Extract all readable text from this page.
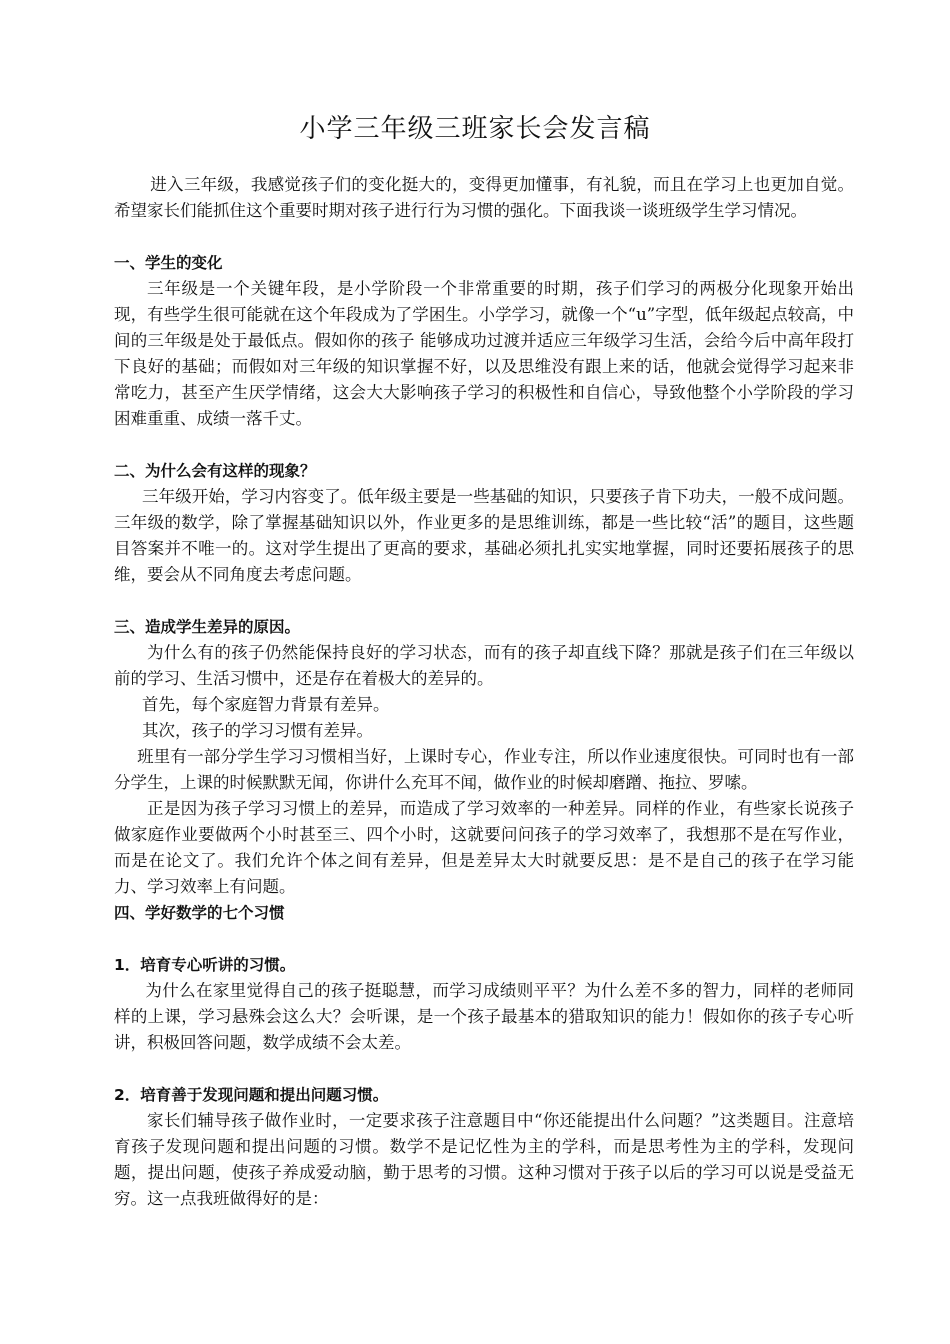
小学三年级三班家长会发言稿

进入三年级，我感觉孩子们的变化挺大的，变得更加懂事，有礼貌，而且在学习上也更加自觉。希望家长们能抓住这个重要时期对孩子进行行为习惯的强化。下面我谈一谈班级学生学习情况。

一、学生的变化

三年级是一个关键年段，是小学阶段一个非常重要的时期，孩子们学习的两极分化现象开始出现，有些学生很可能就在这个年段成为了学困生。小学学习，就像一个“u”字型，低年级起点较高，中间的三年级是处于最低点。假如你的孩子 能够成功过渡并适应三年级学习生活，会给今后中高年段打下良好的基础；而假如对三年级的知识掌握不好，以及思维没有跟上来的话，他就会觉得学习起来非常吃力，甚至产生厌学情绪，这会大大影响孩子学习的积极性和自信心，导致他整个小学阶段的学习困难重重、成绩一落千丈。

二、为什么会有这样的现象？

三年级开始，学习内容变了。低年级主要是一些基础的知识，只要孩子肯下功夫，一般不成问题。三年级的数学，除了掌握基础知识以外，作业更多的是思维训练，都是一些比较“活”的题目，这些题目答案并不唯一的。这对学生提出了更高的要求，基础必须扎扎实实地掌握，同时还要拓展孩子的思维，要会从不同角度去考虑问题。

三、造成学生差异的原因。

为什么有的孩子仍然能保持良好的学习状态，而有的孩子却直线下降？那就是孩子们在三年级以前的学习、生活习惯中，还是存在着极大的差异的。

首先，每个家庭智力背景有差异。

其次，孩子的学习习惯有差异。

班里有一部分学生学习习惯相当好，上课时专心，作业专注，所以作业速度很快。可同时也有一部分学生，上课的时候默默无闻，你讲什么充耳不闻，做作业的时候却磨蹭、拖拉、罗嗦。

正是因为孩子学习习惯上的差异，而造成了学习效率的一种差异。同样的作业，有些家长说孩子做家庭作业要做两个小时甚至三、四个小时，这就要问问孩子的学习效率了，我想那不是在写作业，而是在论文了。我们允许个体之间有差异，但是差异太大时就要反思：是不是自己的孩子在学习能力、学习效率上有问题。

四、学好数学的七个习惯

1．培育专心听讲的习惯。

为什么在家里觉得自己的孩子挺聪慧，而学习成绩则平平？为什么差不多的智力，同样的老师同样的上课，学习悬殊会这么大？会听课，是一个孩子最基本的猎取知识的能力！假如你的孩子专心听讲，积极回答问题，数学成绩不会太差。

2．培育善于发现问题和提出问题习惯。

家长们辅导孩子做作业时，一定要求孩子注意题目中“你还能提出什么问题？”这类题目。注意培育孩子发现问题和提出问题的习惯。数学不是记忆性为主的学科，而是思考性为主的学科，发现问题，提出问题，使孩子养成爱动脑，勤于思考的习惯。这种习惯对于孩子以后的学习可以说是受益无穷。这一点我班做得好的是：
